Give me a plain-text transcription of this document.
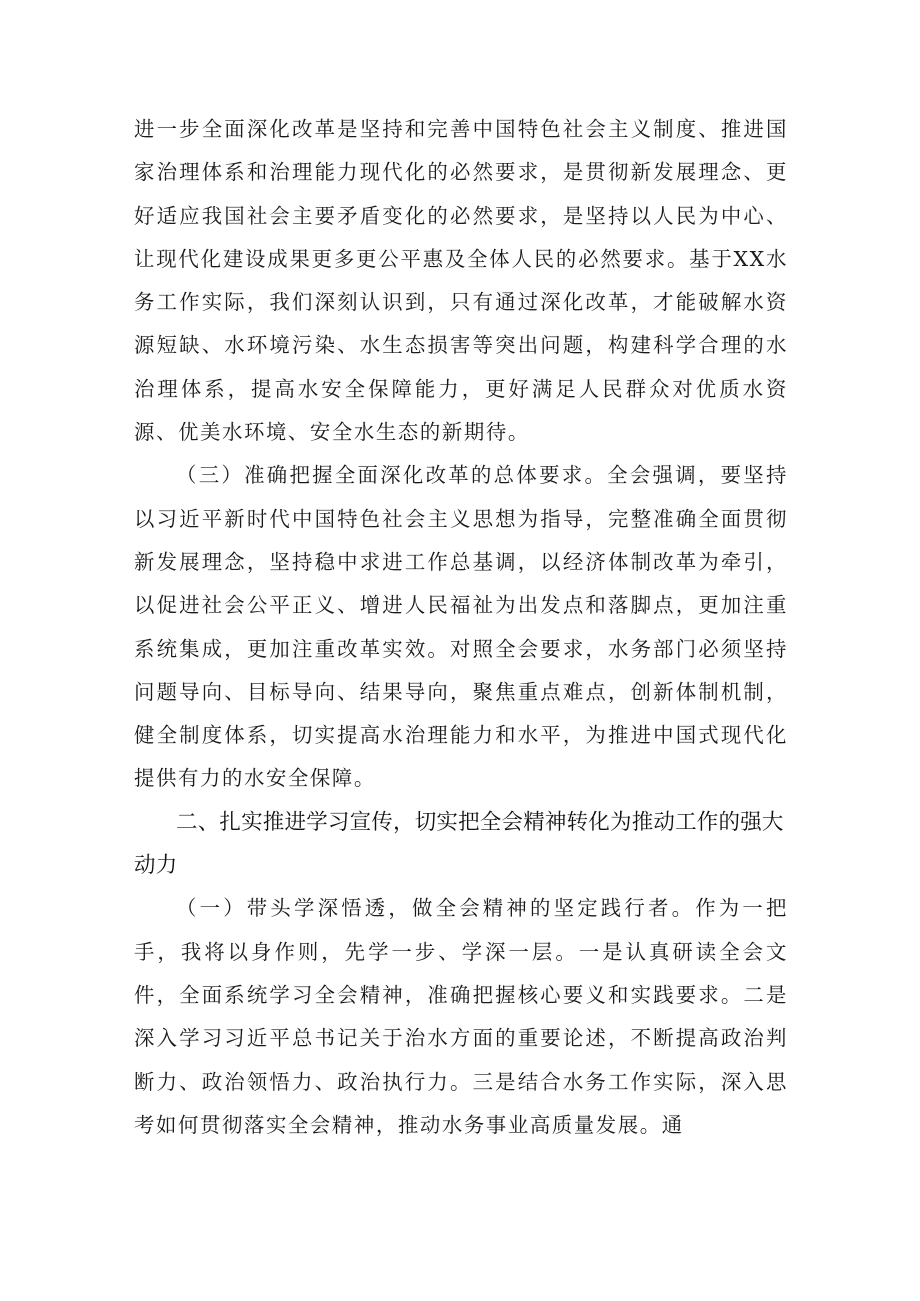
进一步全面深化改革是坚持和完善中国特色社会主义制度、推进国家治理体系和治理能力现代化的必然要求，是贯彻新发展理念、更好适应我国社会主要矛盾变化的必然要求，是坚持以人民为中心、让现代化建设成果更多更公平惠及全体人民的必然要求。基于XX水务工作实际，我们深刻认识到，只有通过深化改革，才能破解水资源短缺、水环境污染、水生态损害等突出问题，构建科学合理的水治理体系，提高水安全保障能力，更好满足人民群众对优质水资源、优美水环境、安全水生态的新期待。

（三）准确把握全面深化改革的总体要求。全会强调，要坚持以习近平新时代中国特色社会主义思想为指导，完整准确全面贯彻新发展理念，坚持稳中求进工作总基调，以经济体制改革为牵引，以促进社会公平正义、增进人民福祉为出发点和落脚点，更加注重系统集成，更加注重改革实效。对照全会要求，水务部门必须坚持问题导向、目标导向、结果导向，聚焦重点难点，创新体制机制，健全制度体系，切实提高水治理能力和水平，为推进中国式现代化提供有力的水安全保障。

二、扎实推进学习宣传，切实把全会精神转化为推动工作的强大动力

（一）带头学深悟透，做全会精神的坚定践行者。作为一把手，我将以身作则，先学一步、学深一层。一是认真研读全会文件，全面系统学习全会精神，准确把握核心要义和实践要求。二是深入学习习近平总书记关于治水方面的重要论述，不断提高政治判断力、政治领悟力、政治执行力。三是结合水务工作实际，深入思考如何贯彻落实全会精神，推动水务事业高质量发展。通
